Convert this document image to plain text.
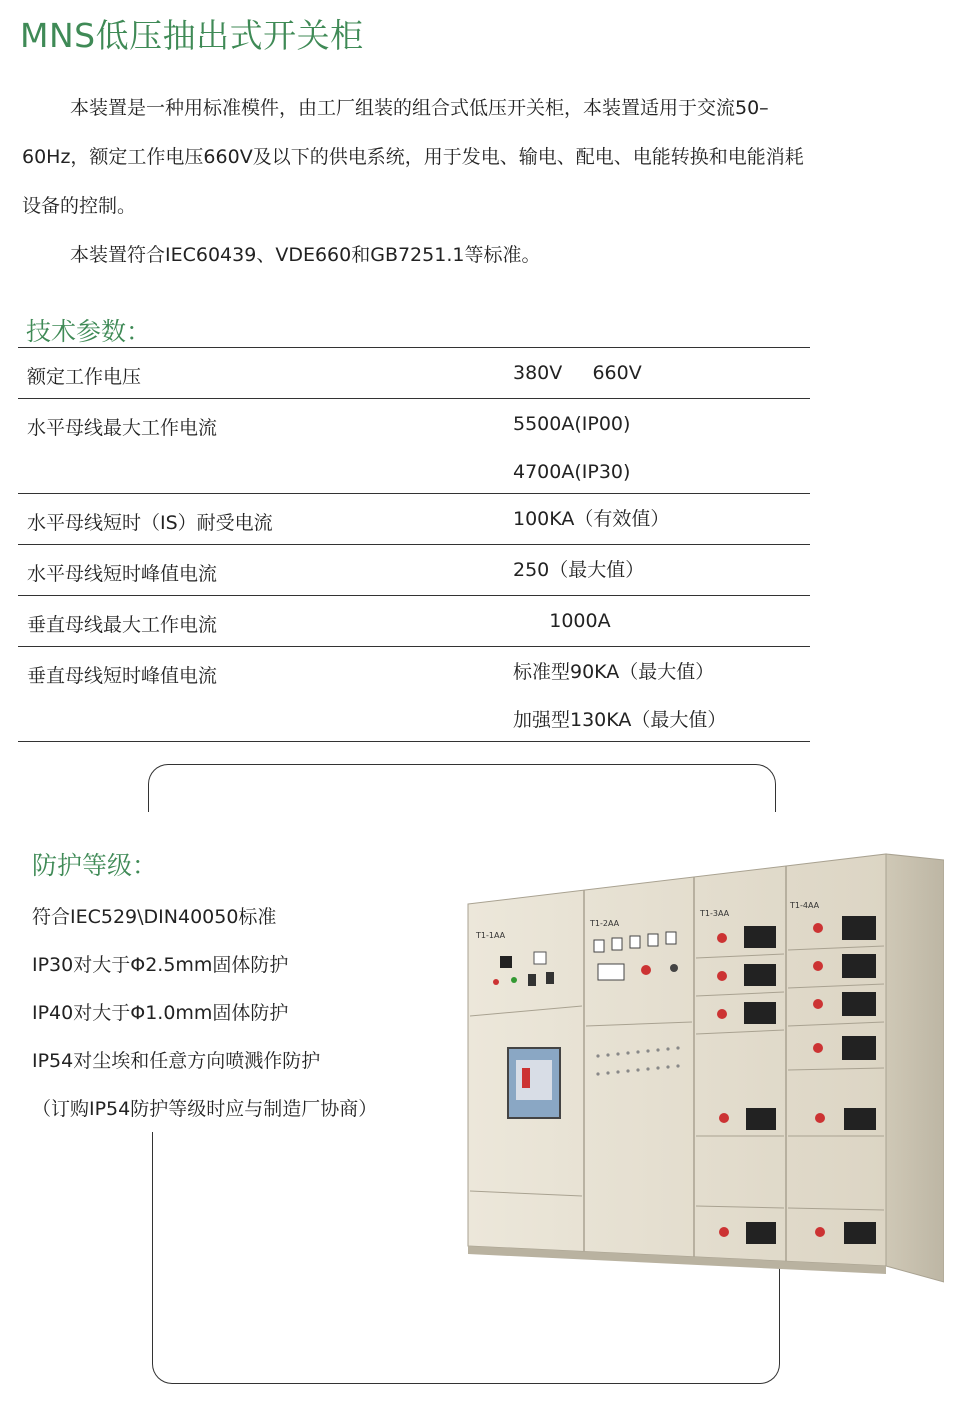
MNS低压抽出式开关柜

本装置是一种用标准模件，由工厂组装的组合式低压开关柜，本装置适用于交流50–60Hz，额定工作电压660V及以下的供电系统，用于发电、输电、配电、电能转换和电能消耗设备的控制。

本装置符合IEC60439、VDE660和GB7251.1等标准。

技术参数：
额定工作电压	380V     660V

水平母线最大工作电流	5500A(IP00)
4700A(IP30)

水平母线短时（IS）耐受电流	100KA（有效值）

水平母线短时峰值电流	250（最大值）

垂直母线最大工作电流	1000A

垂直母线短时峰值电流	标准型90KA（最大值）
加强型130KA（最大值）
防护等级：
符合IEC529\DIN40050标准
IP30对大于Φ2.5mm固体防护
IP40对大于Φ1.0mm固体防护
IP54对尘埃和任意方向喷溅作防护
（订购IP54防护等级时应与制造厂协商）
T1-1AA
T1-2AA
T1-3AA
T1-4AA
